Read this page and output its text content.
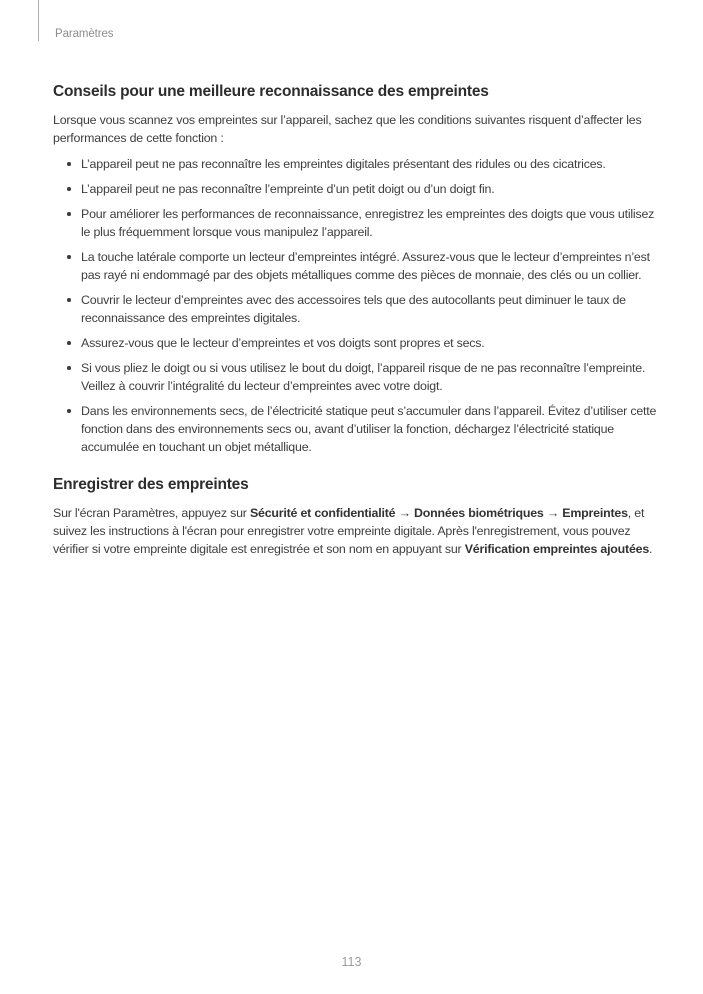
Paramètres
Conseils pour une meilleure reconnaissance des empreintes

Lorsque vous scannez vos empreintes sur l’appareil, sachez que les conditions suivantes risquent d’affecter les performances de cette fonction :

L’appareil peut ne pas reconnaître les empreintes digitales présentant des ridules ou des cicatrices.
L’appareil peut ne pas reconnaître l’empreinte d’un petit doigt ou d’un doigt fin.
Pour améliorer les performances de reconnaissance, enregistrez les empreintes des doigts que vous utilisez le plus fréquemment lorsque vous manipulez l’appareil.
La touche latérale comporte un lecteur d’empreintes intégré. Assurez-vous que le lecteur d’empreintes n’est pas rayé ni endommagé par des objets métalliques comme des pièces de monnaie, des clés ou un collier.
Couvrir le lecteur d’empreintes avec des accessoires tels que des autocollants peut diminuer le taux de reconnaissance des empreintes digitales.
Assurez-vous que le lecteur d’empreintes et vos doigts sont propres et secs.
Si vous pliez le doigt ou si vous utilisez le bout du doigt, l’appareil risque de ne pas reconnaître l’empreinte. Veillez à couvrir l’intégralité du lecteur d’empreintes avec votre doigt.
Dans les environnements secs, de l’électricité statique peut s’accumuler dans l’appareil. Évitez d’utiliser cette fonction dans des environnements secs ou, avant d’utiliser la fonction, déchargez l’électricité statique accumulée en touchant un objet métallique.
Enregistrer des empreintes

Sur l'écran Paramètres, appuyez sur Sécurité et confidentialité → Données biométriques → Empreintes, et suivez les instructions à l'écran pour enregistrer votre empreinte digitale. Après l'enregistrement, vous pouvez vérifier si votre empreinte digitale est enregistrée et son nom en appuyant sur Vérification empreintes ajoutées.

113
